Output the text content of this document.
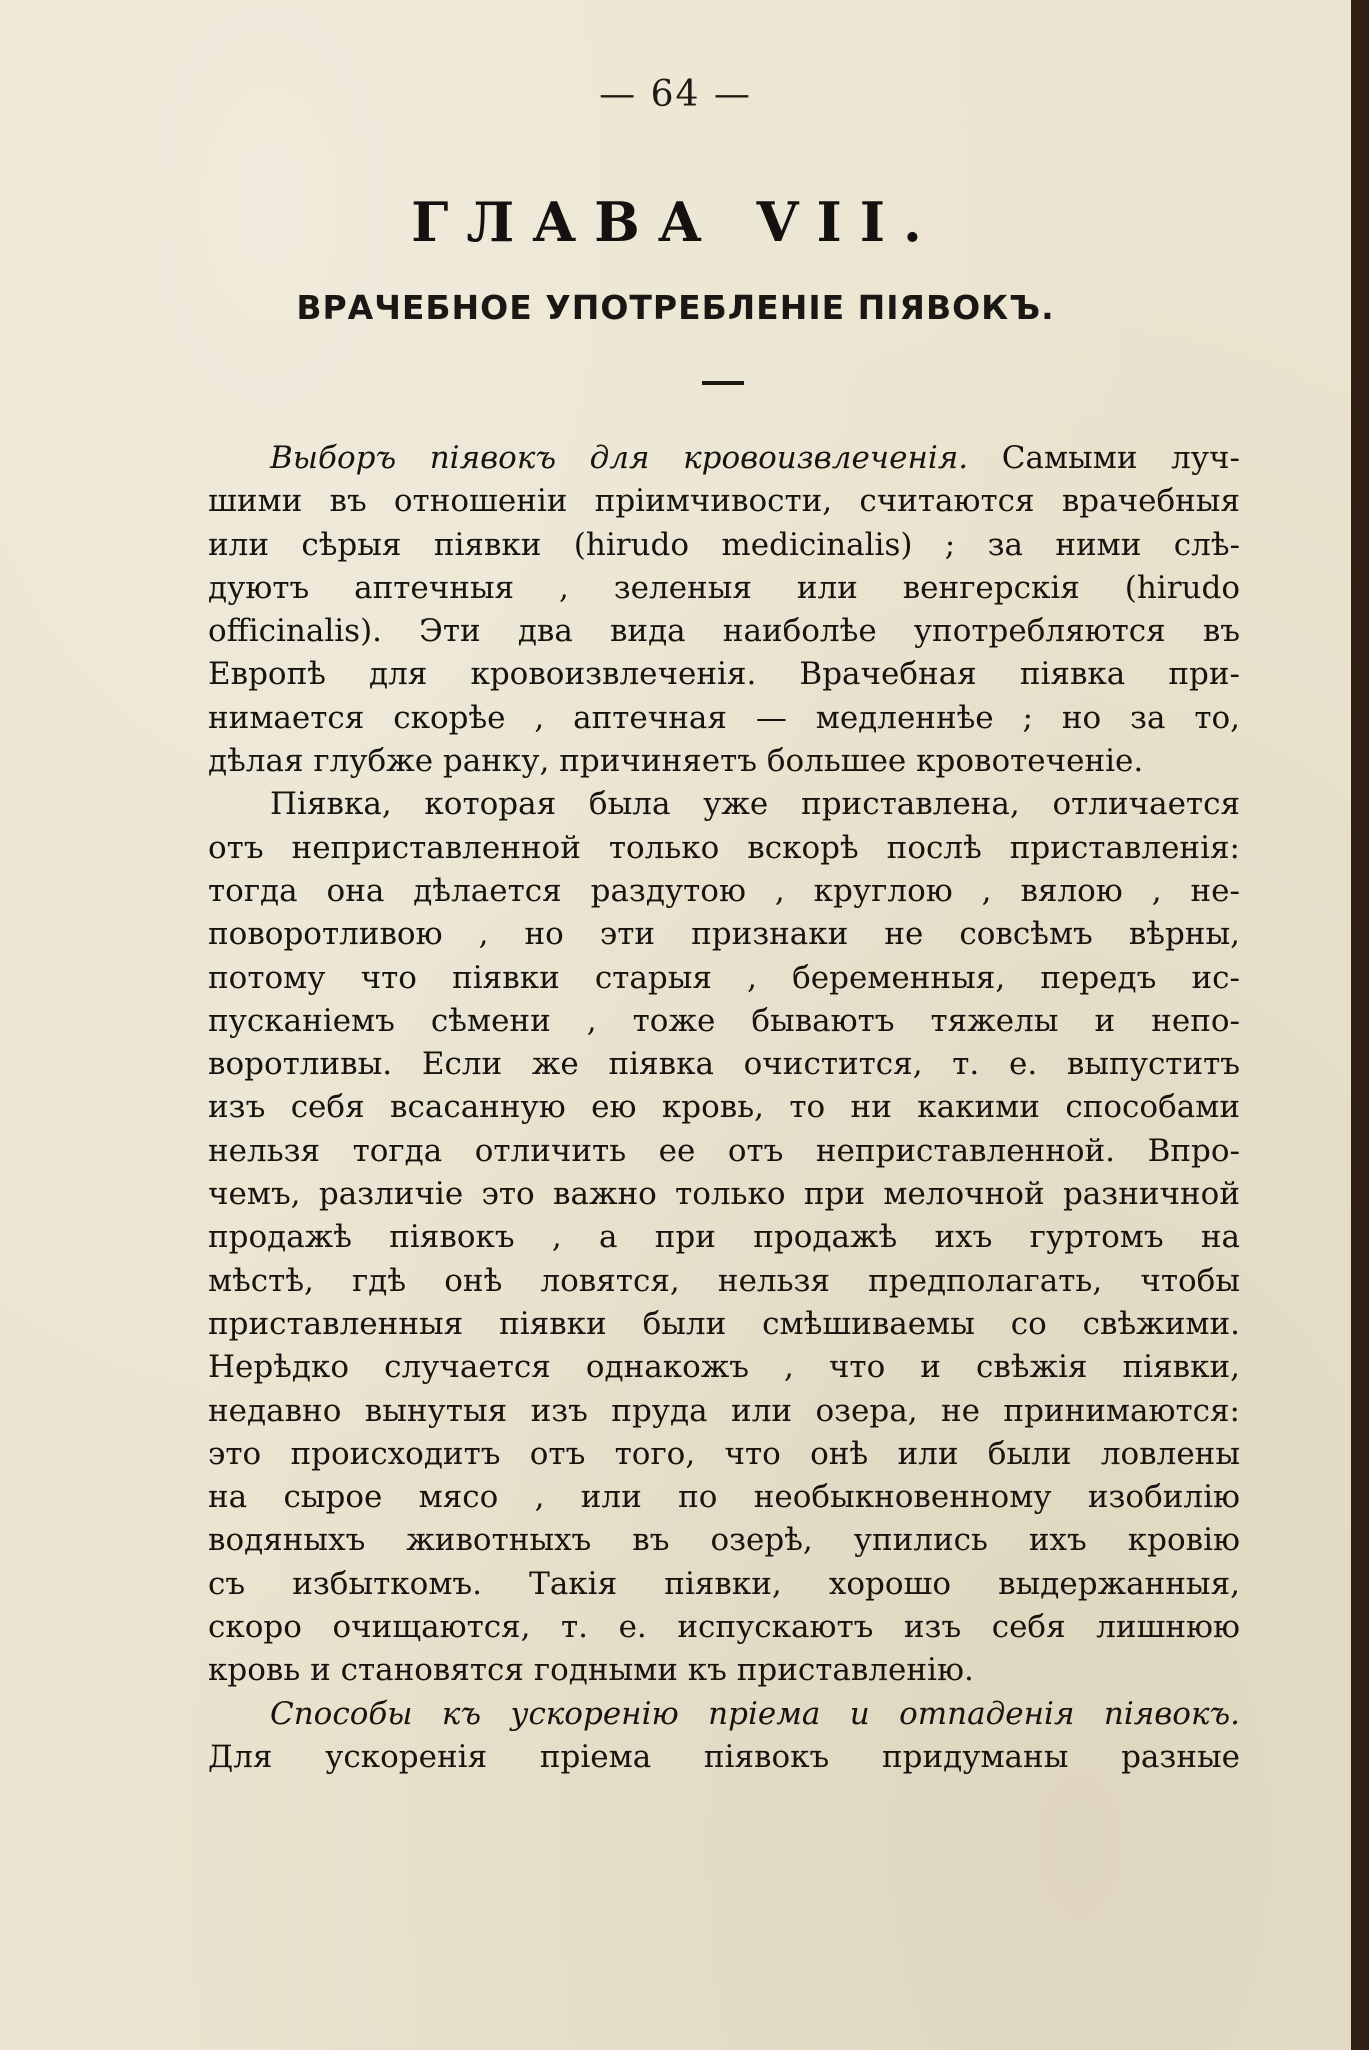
— 64 —
ГЛАВА VII.
ВРАЧЕБНОЕ УПОТРЕБЛЕНІЕ ПІЯВОКЪ.
Выборъ піявокъ для кровоизвлеченія. Самыми луч-
шими въ отношеніи пріимчивости, считаются врачебныя
или сѣрыя піявки (hirudo medicinalis) ; за ними слѣ-
дуютъ аптечныя , зеленыя или венгерскія (hirudo
officinalis). Эти два вида наиболѣе употребляются въ
Европѣ для кровоизвлеченія. Врачебная піявка при-
нимается скорѣе , аптечная — медленнѣе ; но за то,
дѣлая глубже ранку, причиняетъ большее кровотеченіе.
Піявка, которая была уже приставлена, отличается
отъ неприставленной только вскорѣ послѣ приставленія:
тогда она дѣлается раздутою , круглою , вялою , не-
поворотливою , но эти признаки не совсѣмъ вѣрны,
потому что піявки старыя , беременныя, передъ ис-
пусканіемъ сѣмени , тоже бываютъ тяжелы и непо-
воротливы. Если же піявка очистится, т. е. выпуститъ
изъ себя всасанную ею кровь, то ни какими способами
нельзя тогда отличить ее отъ неприставленной. Впро-
чемъ, различіе это важно только при мелочной разничной
продажѣ піявокъ , а при продажѣ ихъ гуртомъ на
мѣстѣ, гдѣ онѣ ловятся, нельзя предполагать, чтобы
приставленныя піявки были смѣшиваемы со свѣжими.
Нерѣдко случается однакожъ , что и свѣжія піявки,
недавно вынутыя изъ пруда или озера, не принимаются:
это происходитъ отъ того, что онѣ или были ловлены
на сырое мясо , или по необыкновенному изобилію
водяныхъ животныхъ въ озерѣ, упились ихъ кровію
съ избыткомъ. Такія піявки, хорошо выдержанныя,
скоро очищаются, т. е. испускаютъ изъ себя лишнюю
кровь и становятся годными къ приставленію.
Способы къ ускоренію пріема и отпаденія піявокъ.
Для ускоренія пріема піявокъ придуманы разные
